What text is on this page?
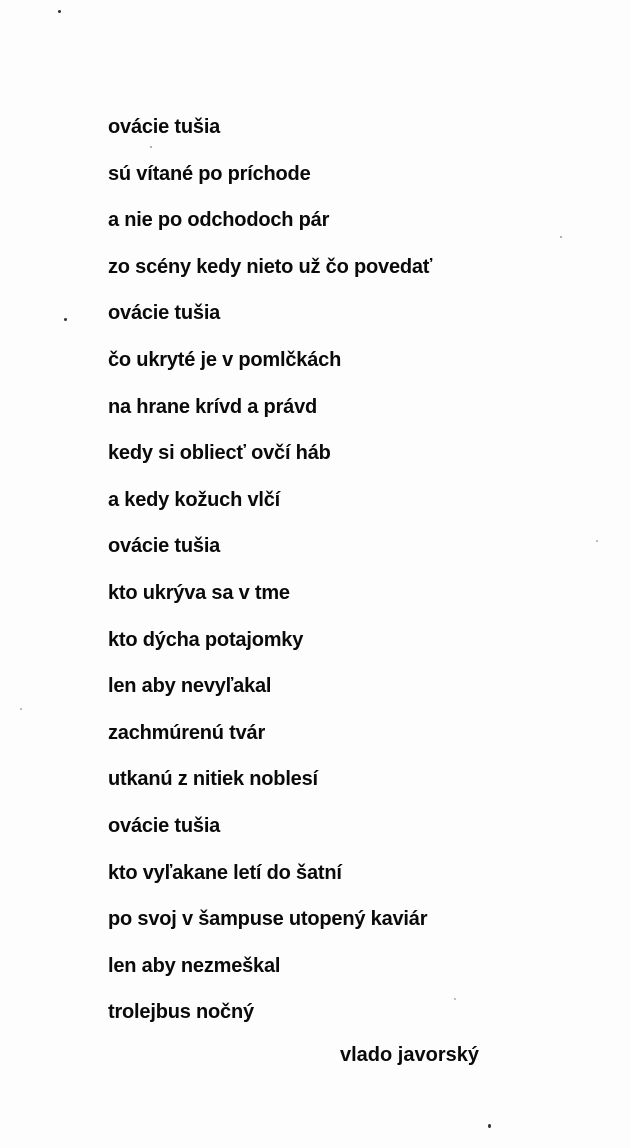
ovácie tušia
sú vítané po príchode
a nie po odchodoch pár
zo scény kedy nieto už čo povedať
ovácie tušia
čo ukryté je v pomlčkách
na hrane krívd a právd
kedy si obliecť ovčí háb
a kedy kožuch vlčí
ovácie tušia
kto ukrýva sa v tme
kto dýcha potajomky
len aby nevyľakal
zachmúrenú tvár
utkanú z nitiek noblesí
ovácie tušia
kto vyľakane letí do šatní
po svoj v šampuse utopený kaviár
len aby nezmeškal
trolejbus nočný
vlado javorský
